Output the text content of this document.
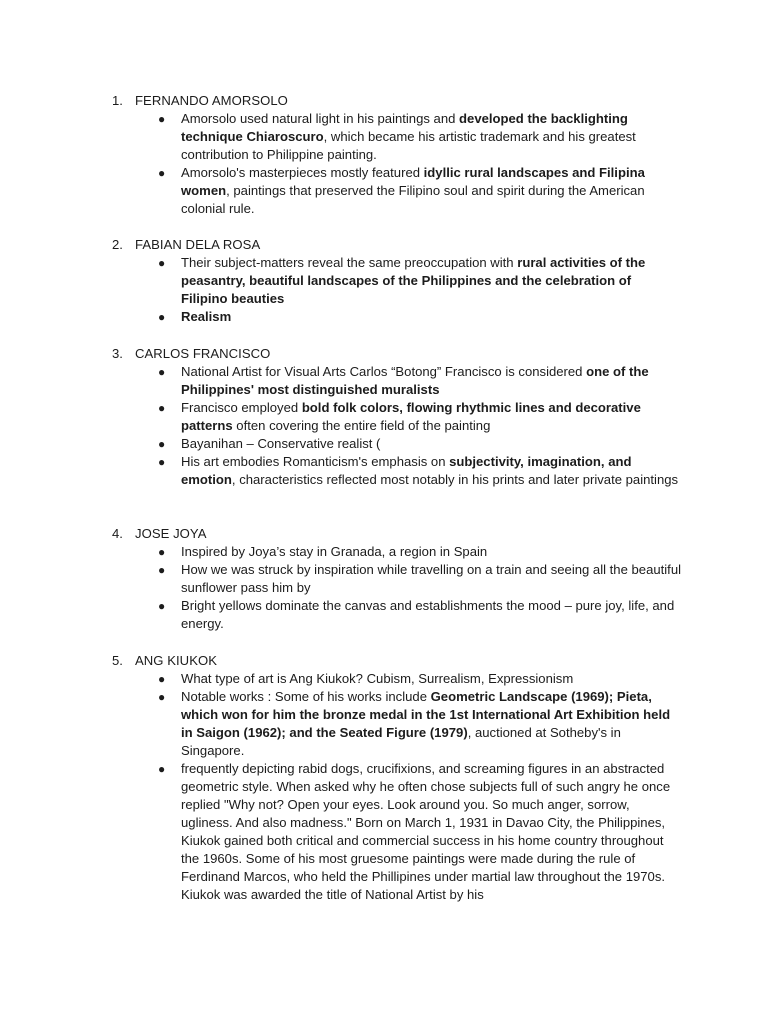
1. FERNANDO AMORSOLO
● Amorsolo used natural light in his paintings and developed the backlighting technique Chiaroscuro, which became his artistic trademark and his greatest contribution to Philippine painting.
● Amorsolo's masterpieces mostly featured idyllic rural landscapes and Filipina women, paintings that preserved the Filipino soul and spirit during the American colonial rule.
2. FABIAN DELA ROSA
● Their subject-matters reveal the same preoccupation with rural activities of the peasantry, beautiful landscapes of the Philippines and the celebration of Filipino beauties
● Realism
3. CARLOS FRANCISCO
● National Artist for Visual Arts Carlos “Botong” Francisco is considered one of the Philippines' most distinguished muralists
● Francisco employed bold folk colors, flowing rhythmic lines and decorative patterns often covering the entire field of the painting
● Bayanihan – Conservative realist (
● His art embodies Romanticism's emphasis on subjectivity, imagination, and emotion, characteristics reflected most notably in his prints and later private paintings
4. JOSE JOYA
● Inspired by Joya’s stay in Granada, a region in Spain
● How we was struck by inspiration while travelling on a train and seeing all the beautiful sunflower pass him by
● Bright yellows dominate the canvas and establishments the mood – pure joy, life, and energy.
5. ANG KIUKOK
● What type of art is Ang Kiukok? Cubism, Surrealism, Expressionism
● Notable works : Some of his works include Geometric Landscape (1969); Pieta, which won for him the bronze medal in the 1st International Art Exhibition held in Saigon (1962); and the Seated Figure (1979), auctioned at Sotheby's in Singapore.
● frequently depicting rabid dogs, crucifixions, and screaming figures in an abstracted geometric style. When asked why he often chose subjects full of such angry he once replied "Why not? Open your eyes. Look around you. So much anger, sorrow, ugliness. And also madness." Born on March 1, 1931 in Davao City, the Philippines, Kiukok gained both critical and commercial success in his home country throughout the 1960s. Some of his most gruesome paintings were made during the rule of Ferdinand Marcos, who held the Phillipines under martial law throughout the 1970s. Kiukok was awarded the title of National Artist by his
